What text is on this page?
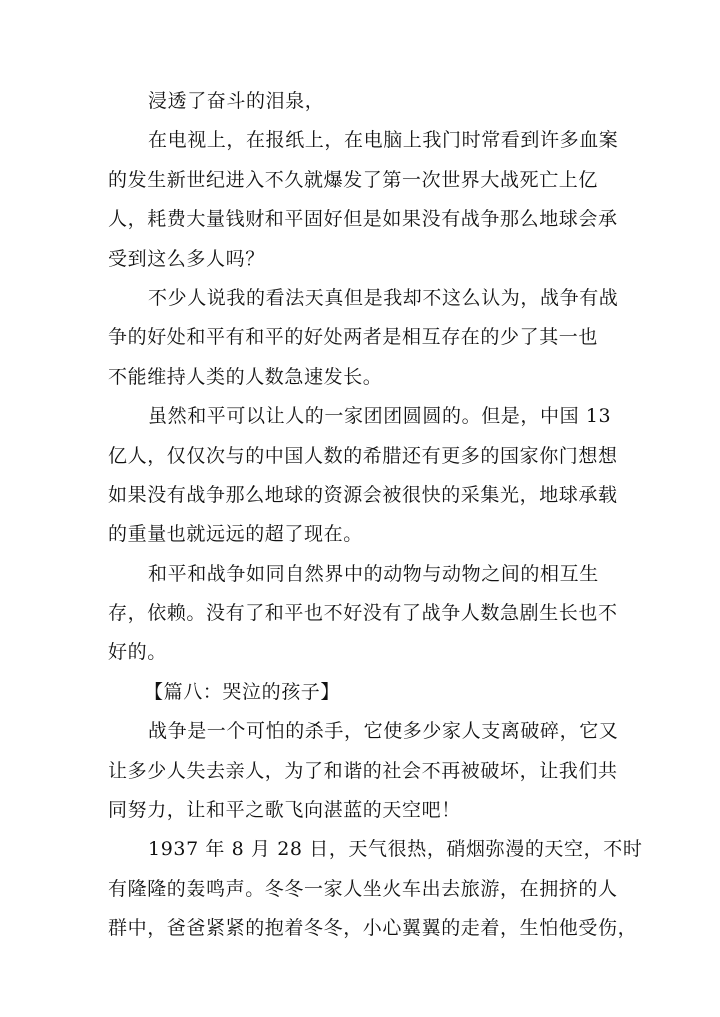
浸透了奋斗的泪泉，
在电视上，在报纸上，在电脑上我门时常看到许多血案
的发生新世纪进入不久就爆发了第一次世界大战死亡上亿
人，耗费大量钱财和平固好但是如果没有战争那么地球会承
受到这么多人吗？
不少人说我的看法天真但是我却不这么认为，战争有战
争的好处和平有和平的好处两者是相互存在的少了其一也
不能维持人类的人数急速发长。
虽然和平可以让人的一家团团圆圆的。但是，中国 13
亿人，仅仅次与的中国人数的希腊还有更多的国家你门想想
如果没有战争那么地球的资源会被很快的采集光，地球承载
的重量也就远远的超了现在。
和平和战争如同自然界中的动物与动物之间的相互生
存，依赖。没有了和平也不好没有了战争人数急剧生长也不
好的。
【篇八：哭泣的孩子】
战争是一个可怕的杀手，它使多少家人支离破碎，它又
让多少人失去亲人，为了和谐的社会不再被破坏，让我们共
同努力，让和平之歌飞向湛蓝的天空吧！
1937 年 8 月 28 日，天气很热，硝烟弥漫的天空，不时
有隆隆的轰鸣声。冬冬一家人坐火车出去旅游，在拥挤的人
群中，爸爸紧紧的抱着冬冬，小心翼翼的走着，生怕他受伤，
